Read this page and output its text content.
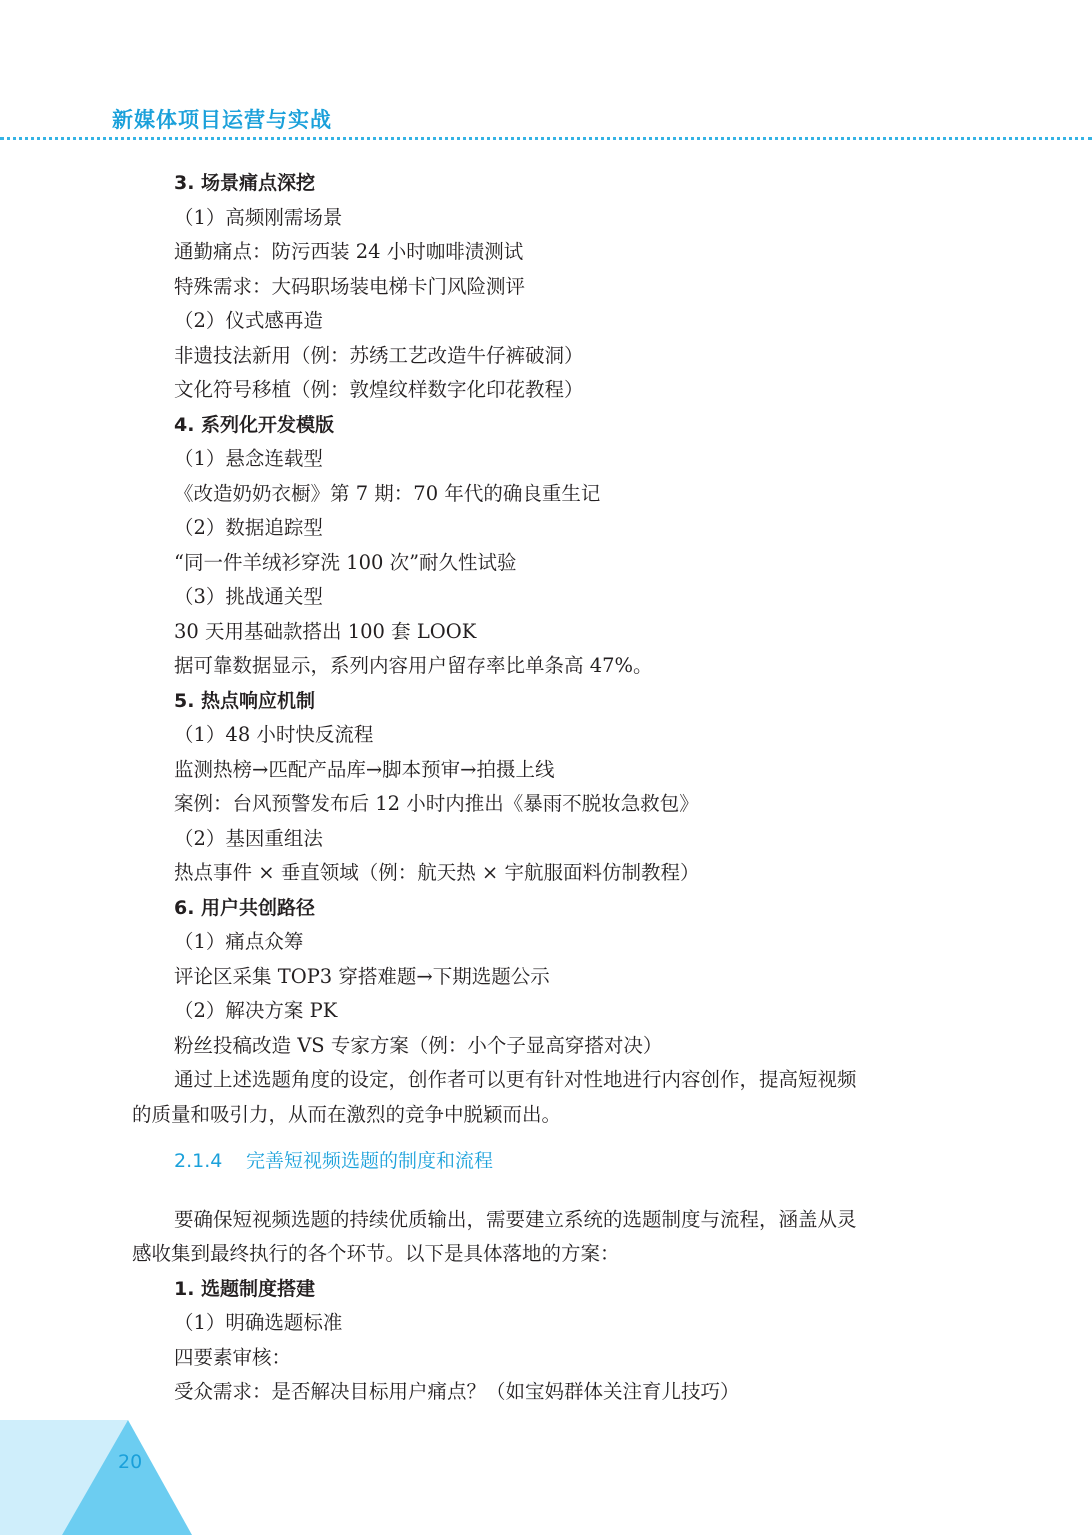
新媒体项目运营与实战
3. 场景痛点深挖
（1）高频刚需场景
通勤痛点：防污西装 24 小时咖啡渍测试
特殊需求：大码职场装电梯卡门风险测评
（2）仪式感再造
非遗技法新用（例：苏绣工艺改造牛仔裤破洞）
文化符号移植（例：敦煌纹样数字化印花教程）
4. 系列化开发模版
（1）悬念连载型
《改造奶奶衣橱》第 7 期：70 年代的确良重生记
（2）数据追踪型
“同一件羊绒衫穿洗 100 次”耐久性试验
（3）挑战通关型
30 天用基础款搭出 100 套 LOOK
据可靠数据显示，系列内容用户留存率比单条高 47%。
5. 热点响应机制
（1）48 小时快反流程
监测热榜→匹配产品库→脚本预审→拍摄上线
案例：台风预警发布后 12 小时内推出《暴雨不脱妆急救包》
（2）基因重组法
热点事件 × 垂直领域（例：航天热 × 宇航服面料仿制教程）
6. 用户共创路径
（1）痛点众筹
评论区采集 TOP3 穿搭难题→下期选题公示
（2）解决方案 PK
粉丝投稿改造 VS 专家方案（例：小个子显高穿搭对决）
通过上述选题角度的设定，创作者可以更有针对性地进行内容创作，提高短视频
的质量和吸引力，从而在激烈的竞争中脱颖而出。
2.1.4 完善短视频选题的制度和流程
要确保短视频选题的持续优质输出，需要建立系统的选题制度与流程，涵盖从灵
感收集到最终执行的各个环节。以下是具体落地的方案：
1. 选题制度搭建
（1）明确选题标准
四要素审核：
受众需求：是否解决目标用户痛点？（如宝妈群体关注育儿技巧）
20
